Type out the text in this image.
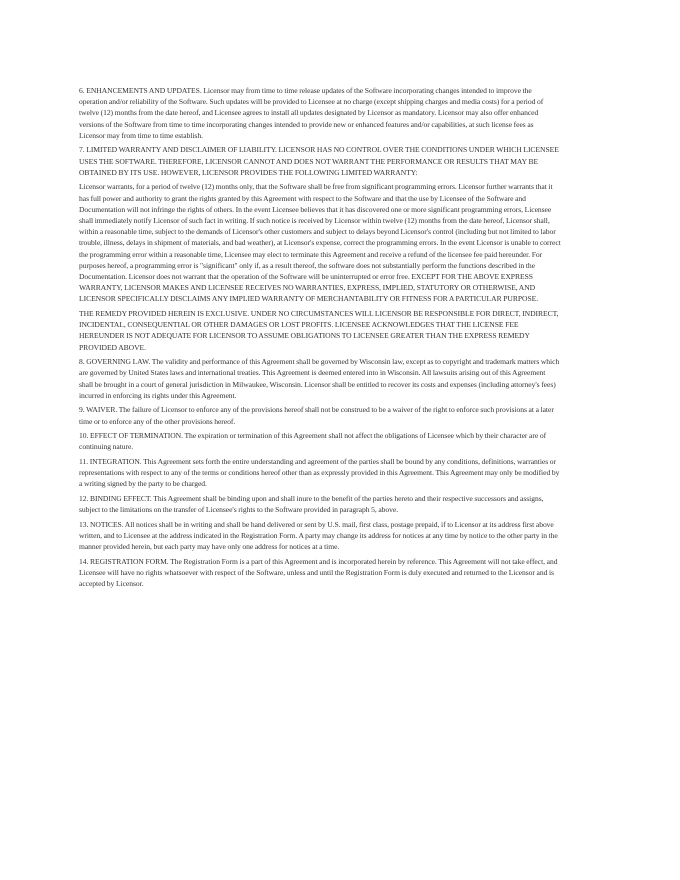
6. ENHANCEMENTS AND UPDATES. Licensor may from time to time release updates of the Software incorporating changes intended to improve the operation and/or reliability of the Software. Such updates will be provided to Licensee at no charge (except shipping charges and media costs) for a period of twelve (12) months from the date hereof, and Licensee agrees to install all updates designated by Licensor as mandatory. Licensor may also offer enhanced versions of the Software from time to time incorporating changes intended to provide new or enhanced features and/or capabilities, at such license fees as Licensor may from time to time establish.

7. LIMITED WARRANTY AND DISCLAIMER OF LIABILITY. LICENSOR HAS NO CONTROL OVER THE CONDITIONS UNDER WHICH LICENSEE USES THE SOFTWARE. THEREFORE, LICENSOR CANNOT AND DOES NOT WARRANT THE PERFORMANCE OR RESULTS THAT MAY BE OBTAINED BY ITS USE. HOWEVER, LICENSOR PROVIDES THE FOLLOWING LIMITED WARRANTY:

Licensor warrants, for a period of twelve (12) months only, that the Software shall be free from significant programming errors. Licensor further warrants that it has full power and authority to grant the rights granted by this Agreement with respect to the Software and that the use by Licensee of the Software and Documentation will not infringe the rights of others. In the event Licensee believes that it has discovered one or more significant programming errors, Licensee shall immediately notify Licensor of such fact in writing. If such notice is received by Licensor within twelve (12) months from the date hereof, Licensor shall, within a reasonable time, subject to the demands of Licensor's other customers and subject to delays beyond Licensor's control (including but not limited to labor trouble, illness, delays in shipment of materials, and bad weather), at Licensor's expense, correct the programming errors. In the event Licensor is unable to correct the programming error within a reasonable time, Licensee may elect to terminate this Agreement and receive a refund of the licensee fee paid hereunder. For purposes hereof, a programming error is "significant" only if, as a result thereof, the software does not substantially perform the functions described in the Documentation. Licensor does not warrant that the operation of the Software will be uninterrupted or error free. EXCEPT FOR THE ABOVE EXPRESS WARRANTY, LICENSOR MAKES AND LICENSEE RECEIVES NO WARRANTIES, EXPRESS, IMPLIED, STATUTORY OR OTHERWISE, AND LICENSOR SPECIFICALLY DISCLAIMS ANY IMPLIED WARRANTY OF MERCHANTABILITY OR FITNESS FOR A PARTICULAR PURPOSE.

THE REMEDY PROVIDED HEREIN IS EXCLUSIVE. UNDER NO CIRCUMSTANCES WILL LICENSOR BE RESPONSIBLE FOR DIRECT, INDIRECT, INCIDENTAL, CONSEQUENTIAL OR OTHER DAMAGES OR LOST PROFITS. LICENSEE ACKNOWLEDGES THAT THE LICENSE FEE HEREUNDER IS NOT ADEQUATE FOR LICENSOR TO ASSUME OBLIGATIONS TO LICENSEE GREATER THAN THE EXPRESS REMEDY PROVIDED ABOVE.

8. GOVERNING LAW. The validity and performance of this Agreement shall be governed by Wisconsin law, except as to copyright and trademark matters which are governed by United States laws and international treaties. This Agreement is deemed entered into in Wisconsin. All lawsuits arising out of this Agreement shall be brought in a court of general jurisdiction in Milwaukee, Wisconsin. Licensor shall be entitled to recover its costs and expenses (including attorney's fees) incurred in enforcing its rights under this Agreement.

9. WAIVER. The failure of Licensor to enforce any of the provisions hereof shall not be construed to be a waiver of the right to enforce such provisions at a later time or to enforce any of the other provisions hereof.

10. EFFECT OF TERMINATION. The expiration or termination of this Agreement shall not affect the obligations of Licensee which by their character are of continuing nature.

11. INTEGRATION. This Agreement sets forth the entire understanding and agreement of the parties shall be bound by any conditions, definitions, warranties or representations with respect to any of the terms or conditions hereof other than as expressly provided in this Agreement. This Agreement may only be modified by a writing signed by the party to be charged.

12. BINDING EFFECT. This Agreement shall be binding upon and shall inure to the benefit of the parties hereto and their respective successors and assigns, subject to the limitations on the transfer of Licensee's rights to the Software provided in paragraph 5, above.

13. NOTICES. All notices shall be in writing and shall be hand delivered or sent by U.S. mail, first class, postage prepaid, if to Licensor at its address first above written, and to Licensee at the address indicated in the Registration Form. A party may change its address for notices at any time by notice to the other party in the manner provided herein, but each party may have only one address for notices at a time.

14. REGISTRATION FORM. The Registration Form is a part of this Agreement and is incorporated herein by reference. This Agreement will not take effect, and Licensee will have no rights whatsoever with respect of the Software, unless and until the Registration Form is duly executed and returned to the Licensor and is accepted by Licensor.
